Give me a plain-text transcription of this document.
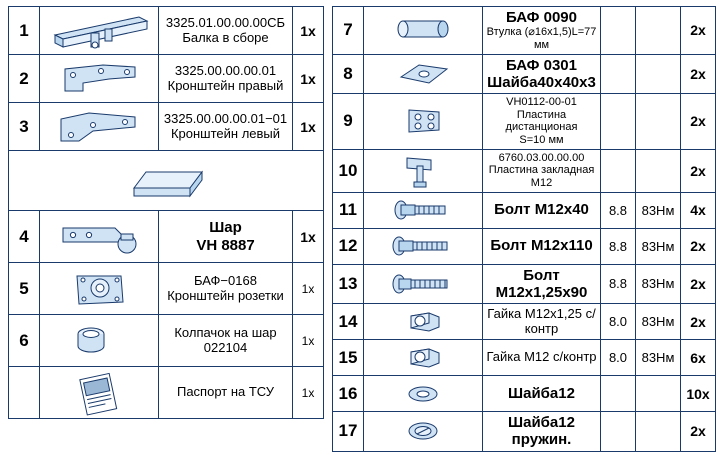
1		3325.01.00.00.00СБ
Балка в сборе	1x
2		3325.00.00.00.01
Кронштейн правый	1x
3		3325.00.00.00.01−01
Кронштейн левый	1x

4		Шар
VH 8887	1x
5		БАФ−0168
Кронштейн розетки	1x
6		Колпачок на шар
022104	1x

Паспорт на ТСУ	1x
7		БАФ 0090
Втулка (⌀16x1,5)L=77 мм			2x
8		БАФ 0301
Шайба40x40x3			2x
9		VH0112-00-01
Пластина дистанционая
S=10 мм			2x
10		6760.03.00.00.00
Пластина закладная
M12			2x
11		Болт М12x40	8.8	83Нм	4x
12		Болт М12x110	8.8	83Нм	2x
13		Болт М12x1,25x90	8.8	83Нм	2x
14		Гайка М12x1,25 с/контр	8.0	83Нм	2x
15		Гайка М12 с/контр	8.0	83Нм	6x
16		Шайба12			10x
17		Шайба12 пружин.			2x
